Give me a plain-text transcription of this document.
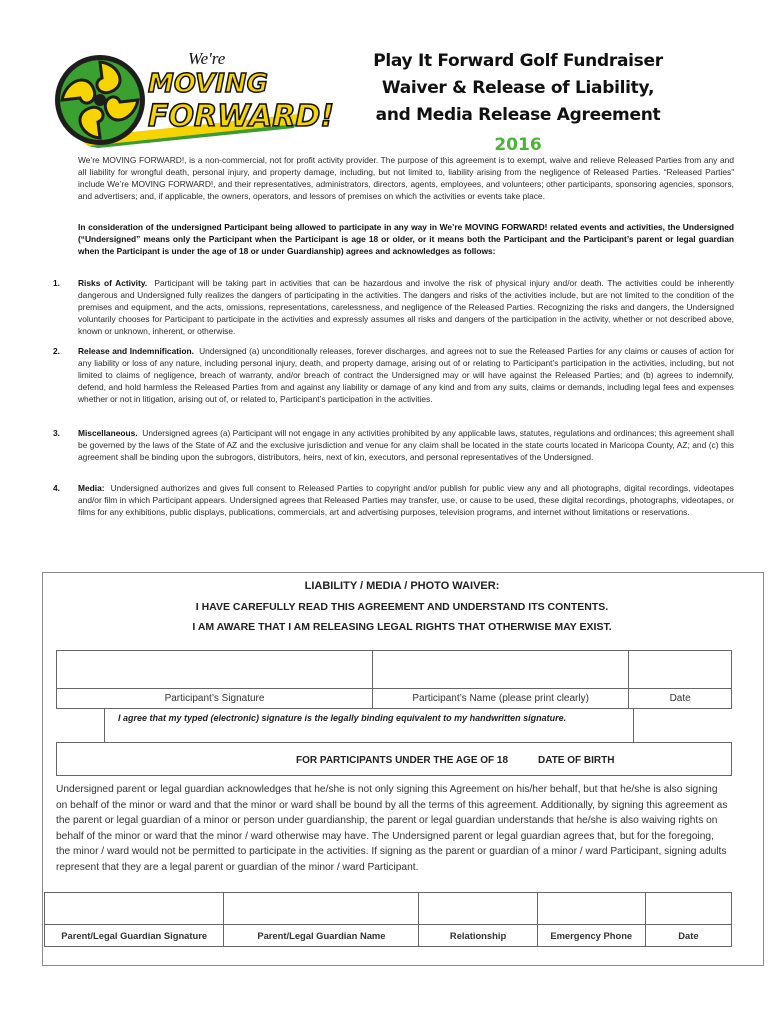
We're
MOVING
FORWARD!
Play It Forward Golf Fundraiser
Waiver & Release of Liability,
and Media Release Agreement
2016
We’re MOVING FORWARD!, is a non-commercial, not for profit activity provider. The purpose of this agreement is to exempt, waive and relieve Released Parties from any and all liability for wrongful death, personal injury, and property damage, including, but not limited to, liability arising from the negligence of Released Parties. “Released Parties” include We’re MOVING FORWARD!, and their representatives, administrators, directors, agents, employees, and volunteers; other participants, sponsoring agencies, sponsors, and advertisers; and, if applicable, the owners, operators, and lessors of premises on which the activities or events take place.
In consideration of the undersigned Participant being allowed to participate in any way in We’re MOVING FORWARD! related events and activities, the Undersigned (“Undersigned” means only the Participant when the Participant is age 18 or older, or it means both the Participant and the Participant’s parent or legal guardian when the Participant is under the age of 18 or under Guardianship) agrees and acknowledges as follows:
1. Risks of Activity. Participant will be taking part in activities that can be hazardous and involve the risk of physical injury and/or death. The activities could be inherently dangerous and Undersigned fully realizes the dangers of participating in the activities. The dangers and risks of the activities include, but are not limited to the condition of the premises and equipment, and the acts, omissions, representations, carelessness, and negligence of the Released Parties. Recognizing the risks and dangers, the Undersigned voluntarily chooses for Participant to participate in the activities and expressly assumes all risks and dangers of the participation in the activity, whether or not described above, known or unknown, inherent, or otherwise.
2. Release and Indemnification. Undersigned (a) unconditionally releases, forever discharges, and agrees not to sue the Released Parties for any claims or causes of action for any liability or loss of any nature, including personal injury, death, and property damage, arising out of or relating to Participant’s participation in the activities, including, but not limited to claims of negligence, breach of warranty, and/or breach of contract the Undersigned may or will have against the Released Parties; and (b) agrees to indemnify, defend, and hold harmless the Released Parties from and against any liability or damage of any kind and from any suits, claims or demands, including legal fees and expenses whether or not in litigation, arising out of, or related to, Participant’s participation in the activities.
3. Miscellaneous. Undersigned agrees (a) Participant will not engage in any activities prohibited by any applicable laws, statutes, regulations and ordinances; this agreement shall be governed by the laws of the State of AZ and the exclusive jurisdiction and venue for any claim shall be located in the state courts located in Maricopa County, AZ; and (c) this agreement shall be binding upon the subrogors, distributors, heirs, next of kin, executors, and personal representatives of the Undersigned.
4. Media: Undersigned authorizes and gives full consent to Released Parties to copyright and/or publish for public view any and all photographs, digital recordings, videotapes and/or film in which Participant appears. Undersigned agrees that Released Parties may transfer, use, or cause to be used, these digital recordings, photographs, videotapes, or films for any exhibitions, public displays, publications, commercials, art and advertising purposes, television programs, and internet without limitations or reservations.
LIABILITY / MEDIA / PHOTO WAIVER:
I HAVE CAREFULLY READ THIS AGREEMENT AND UNDERSTAND ITS CONTENTS.
I AM AWARE THAT I AM RELEASING LEGAL RIGHTS THAT OTHERWISE MAY EXIST.

Participant’s Signature	Participant’s Name (please print clearly)	Date
I agree that my typed (electronic) signature is the legally binding equivalent to my handwritten signature.
FOR PARTICIPANTS UNDER THE AGE OF 18	DATE OF BIRTH
Undersigned parent or legal guardian acknowledges that he/she is not only signing this Agreement on his/her behalf, but that he/she is also signing on behalf of the minor or ward and that the minor or ward shall be bound by all the terms of this agreement. Additionally, by signing this agreement as the parent or legal guardian of a minor or person under guardianship, the parent or legal guardian understands that he/she is also waiving rights on behalf of the minor or ward that the minor / ward otherwise may have. The Undersigned parent or legal guardian agrees that, but for the foregoing, the minor / ward would not be permitted to participate in the activities. If signing as the parent or guardian of a minor / ward Participant, signing adults represent that they are a legal parent or guardian of the minor / ward Participant.

Parent/Legal Guardian Signature	Parent/Legal Guardian Name	Relationship	Emergency Phone	Date
